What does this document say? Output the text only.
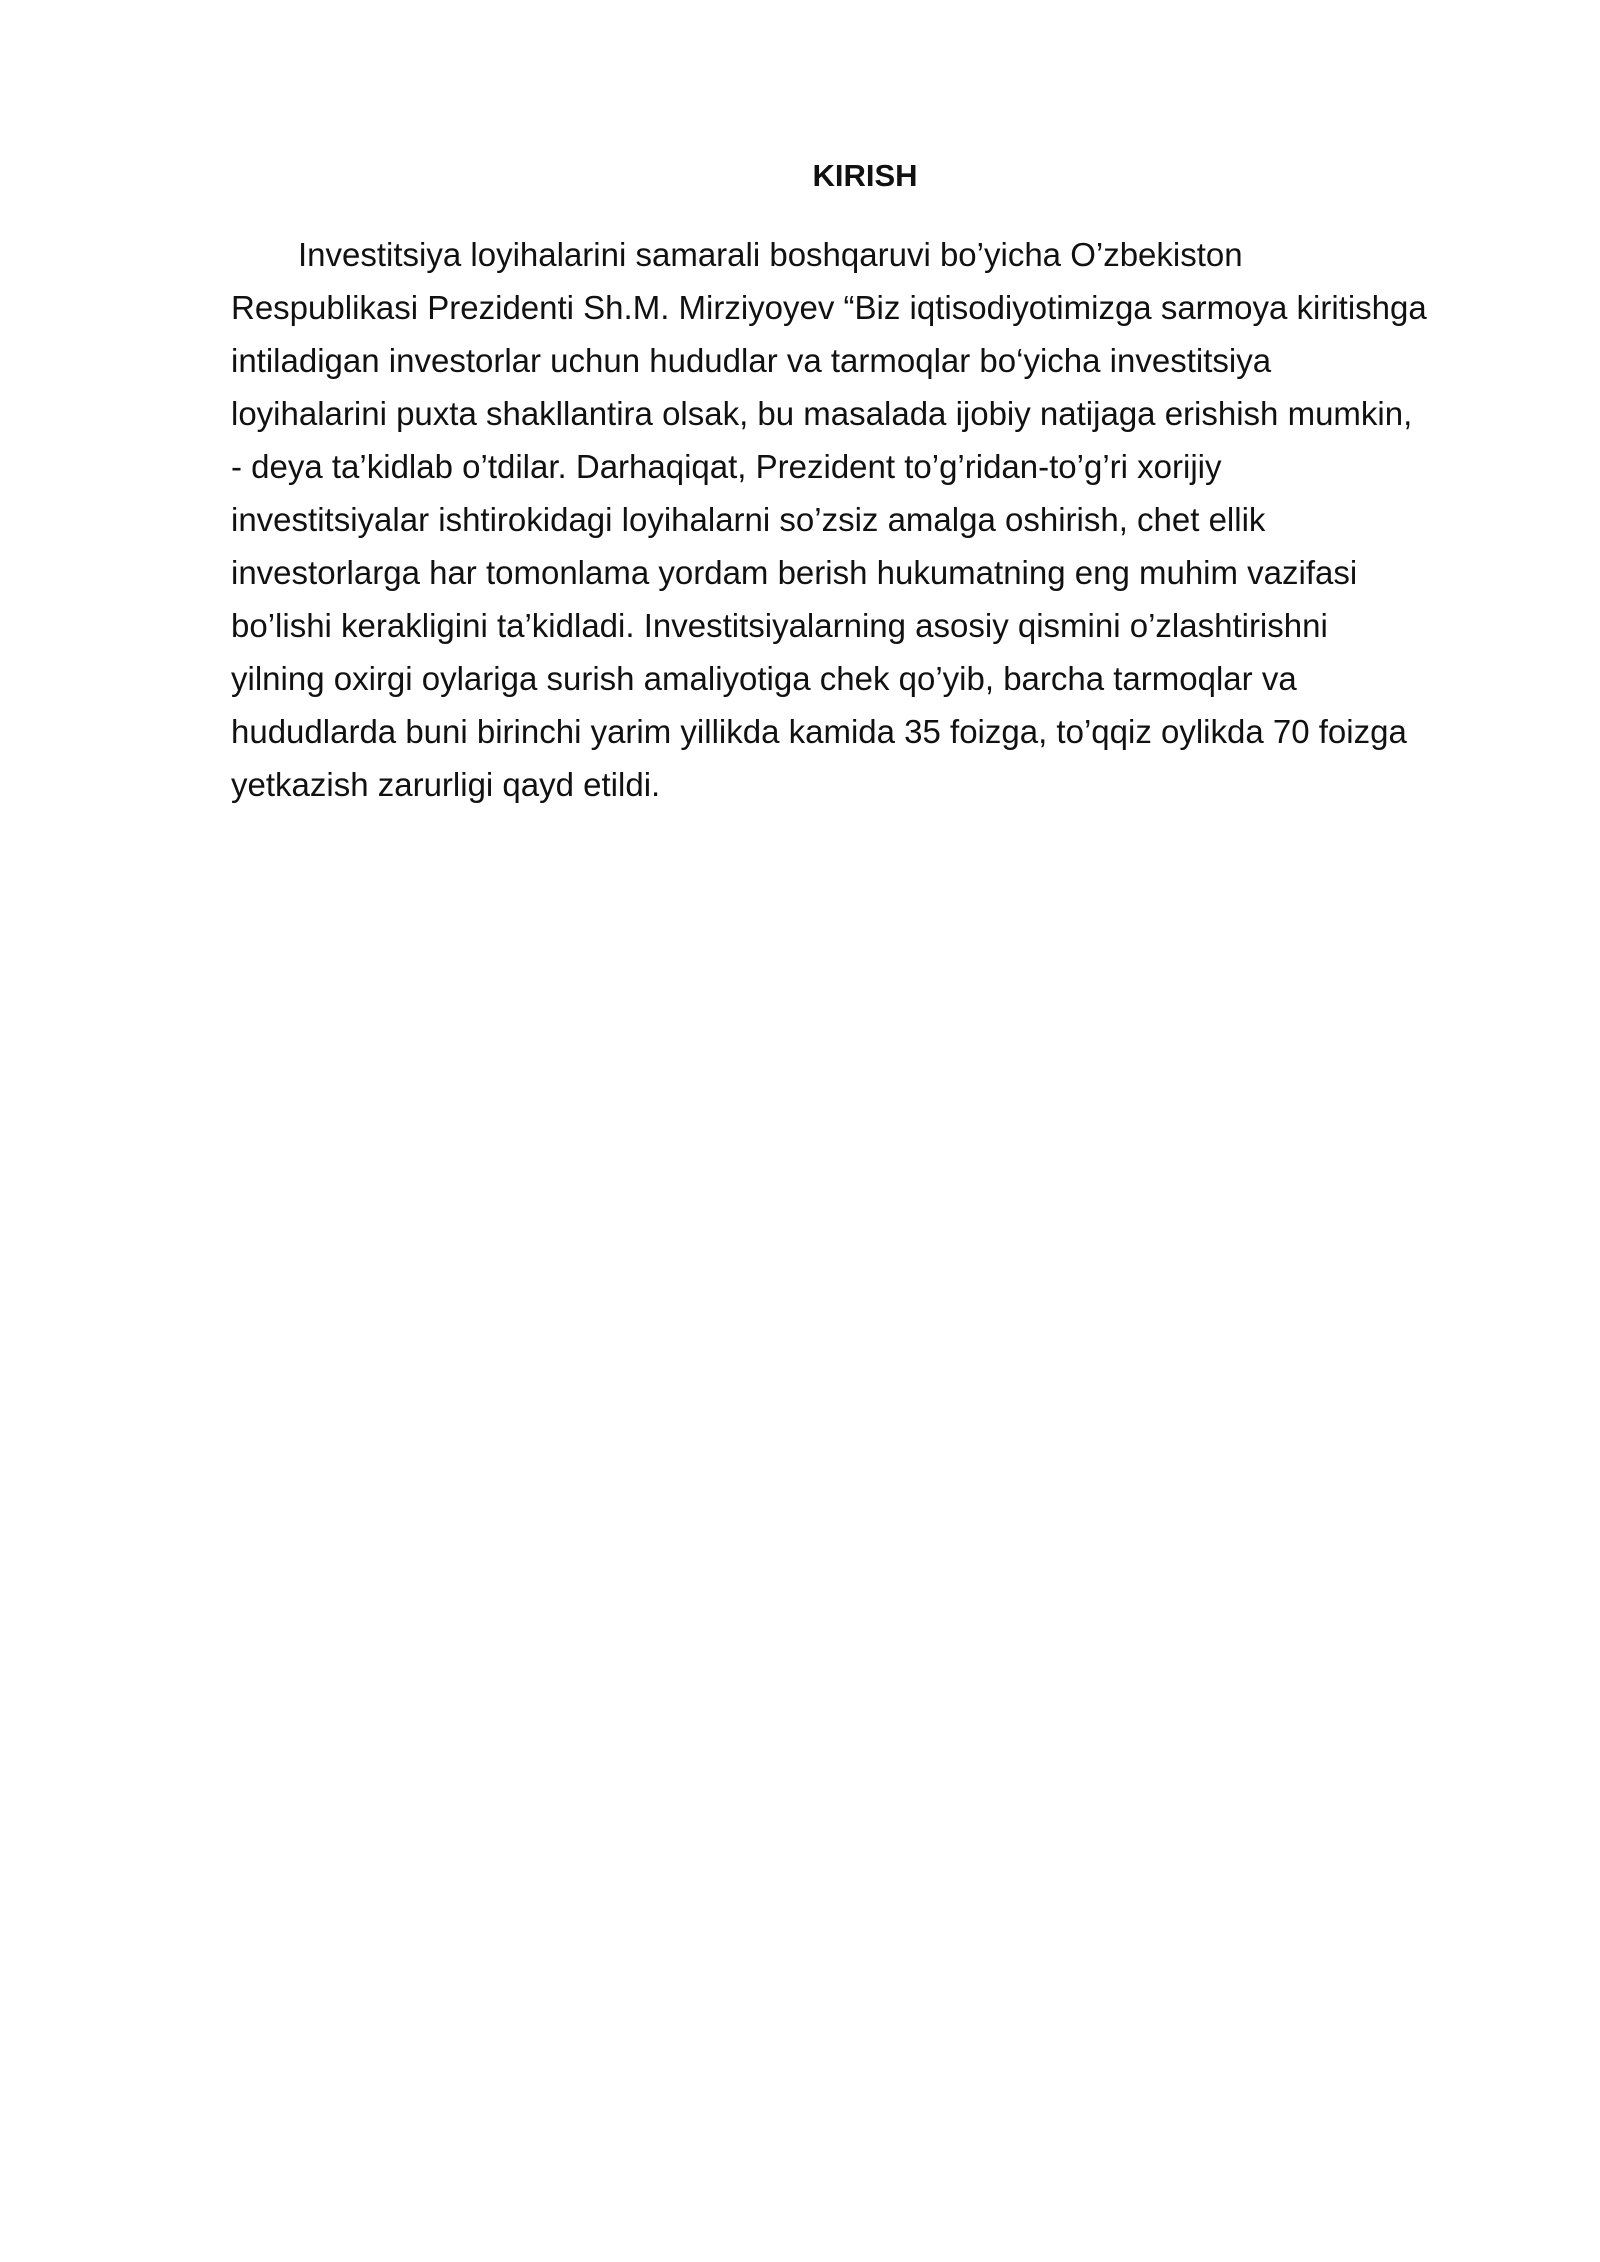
KIRISH
Investitsiya loyihalarini samarali boshqaruvi bo’yicha O’zbekiston
Respublikasi Prezidenti Sh.M. Mirziyoyev “Biz iqtisodiyotimizga sarmoya kiritishga
intiladigan investorlar uchun hududlar va tarmoqlar bo‘yicha investitsiya
loyihalarini puxta shakllantira olsak, bu masalada ijobiy natijaga erishish mumkin,
- deya ta’kidlab o’tdilar. Darhaqiqat, Prezident to’g’ridan-to’g’ri xorijiy
investitsiyalar ishtirokidagi loyihalarni so’zsiz amalga oshirish, chet ellik
investorlarga har tomonlama yordam berish hukumatning eng muhim vazifasi
bo’lishi kerakligini ta’kidladi. Investitsiyalarning asosiy qismini o’zlashtirishni
yilning oxirgi oylariga surish amaliyotiga chek qo’yib, barcha tarmoqlar va
hududlarda buni birinchi yarim yillikda kamida 35 foizga, to’qqiz oylikda 70 foizga
yetkazish zarurligi qayd etildi.
